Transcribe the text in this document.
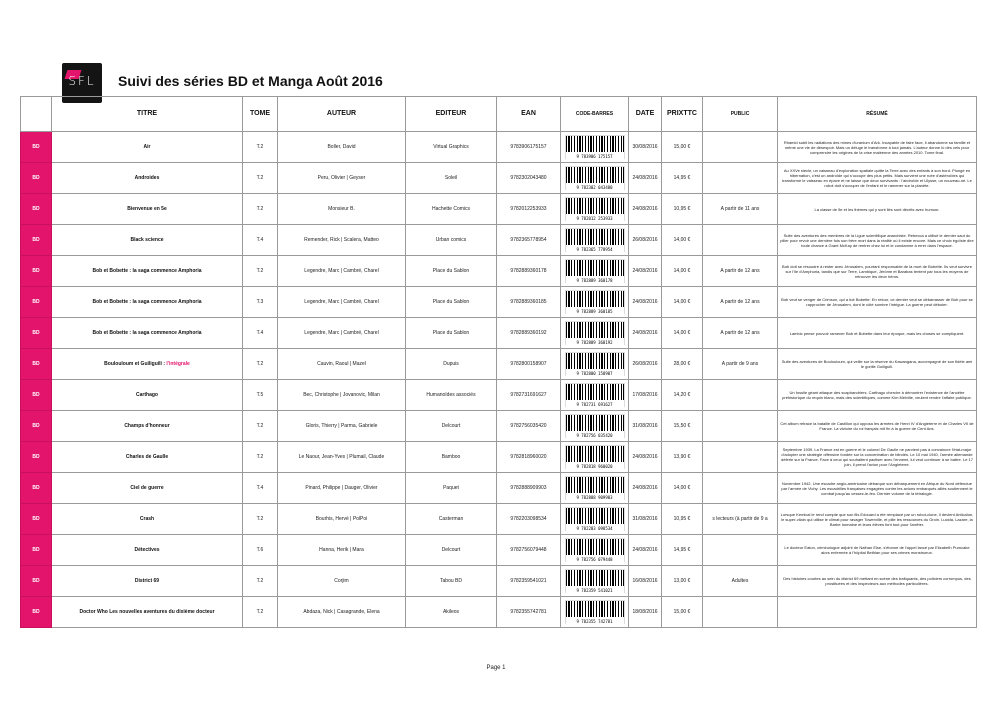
SFL	Suivi des séries BD et Manga Août 2016
	TITRE	TOME	AUTEUR	EDITEUR	EAN	CODE-BARRES	DATE	PRIXTTC	PUBLIC	RÉSUMÉ
BD	Air	T.2	Boller, David	Virtual Graphics	9783906175157	9 783906 175157	30/08/2016	15,00 €		Rhamid subit les radiations des mines d'uranium d'Ark. Incapable de faire face, il abandonne sa famille et même une vie de désespoir. Mais un déluge le transforme à tout jamais. L'auteur donne lù des cels pour comprendre les origines de la crise maléenne des années 2010. Tome final.
BD	Androides	T.2	Peru, Olivier | Geyser	Soleil	9782302043480	9 782302 043480	24/08/2016	14,95 €		Au XXVe siècle, un vaisseau d'exploration spatiale quitte la Terre avec des enfants à son bord. Plongé en hibernation, c'est un androïde qui s'occupe des plus petits. Mais survient une ruée d'astéroïdes qui transforme le vaisseau en épave et ne laisse que deux survivants : l'androïde et Ulysse, un nouveau-né. Le robot doit s'occuper de l'enfant et le ramener sur la planète.
BD	Bienvenue en 5e	T.2	Monsieur B.	Hachette Comics	9782012253933	9 782012 253933	24/08/2016	10,95 €	A partir de 11 ans	La classe de 5e et les thèmes qui y sont liés sont décrits avec humour.
BD	Black science	T.4	Remender, Rick | Scalera, Matteo	Urban comics	9782365778954	9 782365 778954	26/08/2016	14,00 €		Suite des aventures des membres de la Ligue scientifique anarchiste. Rebecca a utilisé le dernier saut du pilier pour revoir une dernière fois son frère mort dans la réalité où il existe encore. Mais ce choix égoïste dire toute chance à Grant McKay de rentrer chez lui et le condamne à errer dans l'espace.
BD	Bob et Bobette : la saga commence Amphoria	T.2	Legendre, Marc | Cambré, Charel	Place du Sablon	9782889360178	9 782889 360178	24/08/2016	14,00 €	A partir de 12 ans	Bob doit se résoudre à rester avec Jérusalem, pourtant responsable de la mort de Bobette. Ils veut survivre sur l'île d'Amphoria, tandis que sur Terre, Lambique, Jérôme et Barabas tentent par tous les moyens de retrouver les deux héros.
BD	Bob et Bobette : la saga commence Amphoria	T.3	Legendre, Marc | Cambré, Charel	Place du Sablon	9782889360185	9 782889 360185	24/08/2016	14,00 €	A partir de 12 ans	Bob veut se venger de Crimson, qui a tué Bobette. En retour, ce dernier veut se débarrasser de Bob pour se rapprocher de Jérusalem, dont le côté sombre l'intrigue. La guerre peut débuter.
BD	Bob et Bobette : la saga commence Amphoria	T.4	Legendre, Marc | Cambré, Charel	Place du Sablon	9782889360192	9 782889 360192	24/08/2016	14,00 €	A partir de 12 ans	Lambic pense pouvoir ramener Bob et Bobette dans leur époque, mais les choses se compliquent.
BD	Boulouloum et Guiliguili : l'intégrale	T.2	Cauvin, Raoul | Mazel	Dupuis	9782800158907	9 782800 158907	26/08/2016	28,00 €	A partir de 9 ans	Suite des aventures de Boulouloum, qui veille sur la réserve du Kawangana, accompagné de son fidèle ami le gorille Guiliguili.
BD	Carthago	T.5	Bec, Christophe | Jovanovic, Milan	Humanoïdes associés	9782731691627	9 782731 691627	17/08/2016	14,20 €		Un fossile géant attaque des scaphandriers. Carthago cherche à démontrer l'existence de l'ancêtre préhistorique du requin blanc, mais des scientifiques, comme Kim Melville, veulent rendre l'affaire publique.
BD	Champs d'honneur	T.2	Gloris, Thierry | Parma, Gabriele	Delcourt	9782756035420	9 782756 035420	31/08/2016	15,50 €		Cet album retrace la bataille de Castillon qui opposa les armées de Henri IV d'Angleterre et de Charles VII de France. La victoire du roi français mit fin à la guerre de Cent Ans.
BD	Charles de Gaulle	T.2	Le Naour, Jean-Yves | Plumail, Claude	Bamboo	9782818960020	9 782818 960020	24/08/2016	13,90 €		Septembre 1939. La France est en guerre et le colonel De Gaulle ne parvient pas à convaincre l'état-major d'adopter une stratégie offensive fondée sur la concentration de blindés. Le 10 mai 1940, l'armée allemande déferle sur la France. Face à ceux qui souhaitent pactiser avec l'ennemi, lui veut continuer à se battre. Le 17 juin, il prend l'avion pour l'Angleterre.
BD	Ciel de guerre	T.4	Pinard, Philippe | Dauger, Olivier	Paquet	9782888909903	9 782888 909903	24/08/2016	14,00 €		Novembre 1942. Une escadre anglo-américaine débarque son débarquement en Afrique du Nord défendue par l'armée de Vichy. Les escadrilles françaises engagées contre les avions embarqués alliés soutiennent le combat jusqu'au cessez-le-feu. Dernier volume de la tétralogie.
BD	Crash	T.2	Bourhis, Hervé | PolPoi	Casterman	9782203098534	9 782203 098534	31/08/2016	10,95 €	s lecteurs (à partir de 9 a	Lorsque Kemical le rend compte que son fils Edouard a été remplacé par un robot-clone, il devient Anticaïon, le super-vilain qui utilise le climat pour ravager Towerville, et pille les ressources du Groin. Lucida, Lazare, la Barbe humaine et leurs élèves font tout pour l'arrêter.
BD	Détectives	T.6	Hanna, Herik | Mara	Delcourt	9782756079448	9 782756 079448	24/08/2016	14,95 €		Le docteur Eaton, criminologue adjoint de Nathan Else, s'étonne de l'appel lancé par Elizabeth Purncake alors enfermée à l'hôpital Bethlan pour ses crimes monstrueux.
BD	District 69	T.2	Corjim	Tabou BD	9782359541021	9 782359 541021	16/08/2016	13,00 €	Adultes	Des histoires courtes au sein du district 69 mettant en scène des trafiquants, des policiers corrompus, des prostituées et des inspecteurs aux méthodes particulières.
BD	Doctor Who Les nouvelles aventures du dixième docteur	T.2	Abdaza, Nick | Casagrande, Elena	Akileos	9782355742781	9 782355 742781	18/08/2016	15,00 €		
Page 1
